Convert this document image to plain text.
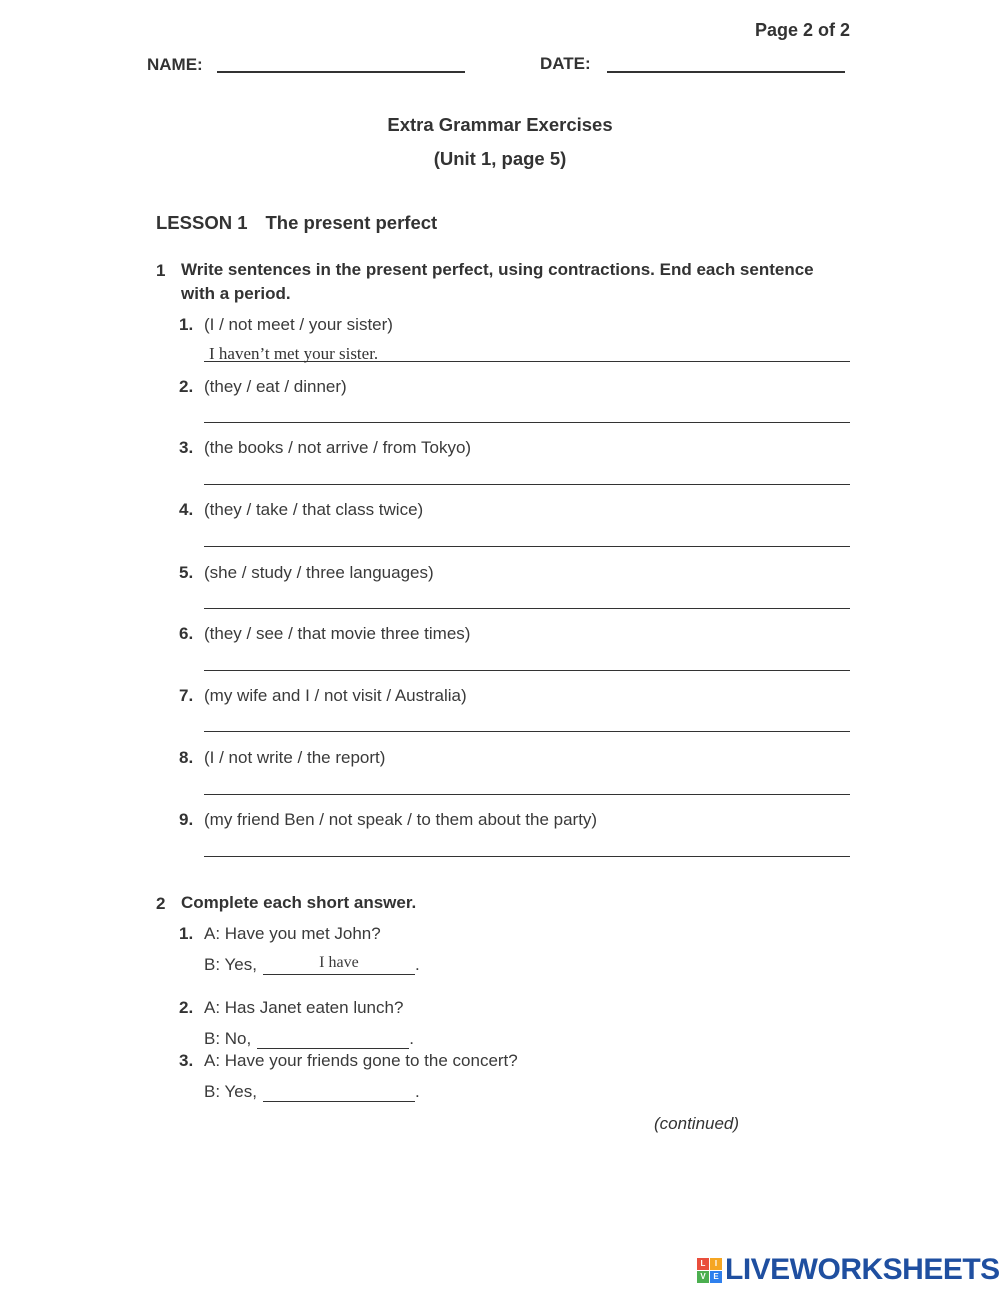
Page 2 of 2
NAME:	DATE:
Extra Grammar Exercises
(Unit 1, page 5)
LESSON 1 The present perfect
1 Write sentences in the present perfect, using contractions. End each sentence
with a period.
1. (I / not meet / your sister)
I haven’t met your sister.
2. (they / eat / dinner)
3. (the books / not arrive / from Tokyo)
4. (they / take / that class twice)
5. (she / study / three languages)
6. (they / see / that movie three times)
7. (my wife and I / not visit / Australia)
8. (I / not write / the report)
9. (my friend Ben / not speak / to them about the party)
2 Complete each short answer.
1. A: Have you met John?
B: Yes,	I have	.
2. A: Has Janet eaten lunch?
B: No,	.
3. A: Have your friends gone to the concert?
B: Yes,	.
(continued)
L	I
V E LIVEWORKSHEETS
